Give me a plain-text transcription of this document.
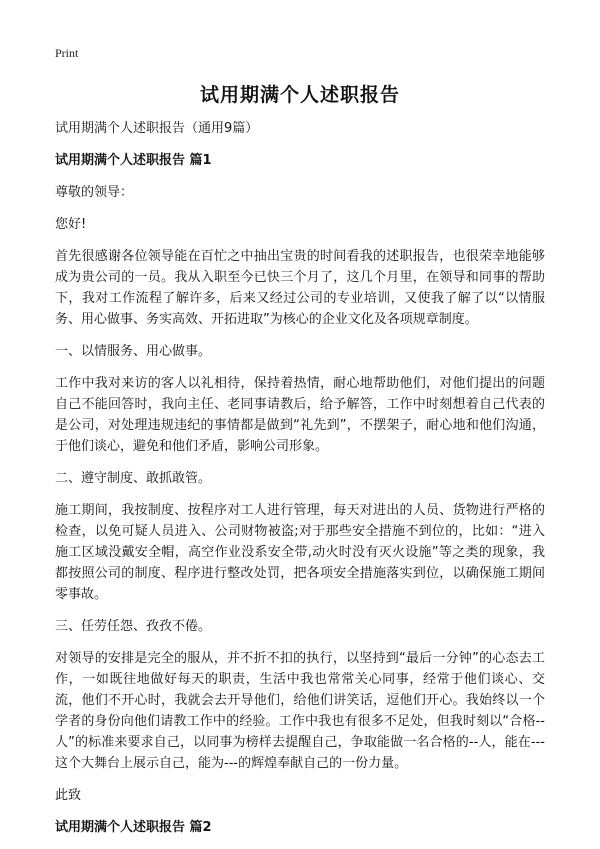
Print
试用期满个人述职报告

试用期满个人述职报告（通用9篇）

试用期满个人述职报告 篇1

尊敬的领导：

您好!

首先很感谢各位领导能在百忙之中抽出宝贵的时间看我的述职报告，也很荣幸地能够成为贵公司的一员。我从入职至今已快三个月了，这几个月里，在领导和同事的帮助下，我对工作流程了解许多，后来又经过公司的专业培训，又使我了解了以“以情服务、用心做事、务实高效、开拓进取”为核心的企业文化及各项规章制度。

一、以情服务、用心做事。

工作中我对来访的客人以礼相待，保持着热情，耐心地帮助他们，对他们提出的问题自己不能回答时，我向主任、老同事请教后，给予解答，工作中时刻想着自己代表的是公司，对处理违规违纪的事情都是做到“礼先到”，不摆架子，耐心地和他们沟通，于他们谈心，避免和他们矛盾，影响公司形象。

二、遵守制度、敢抓敢管。

施工期间，我按制度、按程序对工人进行管理，每天对进出的人员、货物进行严格的检查，以免可疑人员进入、公司财物被盗;对于那些安全措施不到位的，比如：“进入施工区域没戴安全帽，高空作业没系安全带,动火时没有灭火设施”等之类的现象，我都按照公司的制度、程序进行整改处罚，把各项安全措施落实到位，以确保施工期间零事故。

三、任劳任怨、孜孜不倦。

对领导的安排是完全的服从，并不折不扣的执行，以坚持到“最后一分钟”的心态去工作，一如既往地做好每天的职责，生活中我也常常关心同事，经常于他们谈心、交流，他们不开心时，我就会去开导他们，给他们讲笑话，逗他们开心。我始终以一个学者的身份向他们请教工作中的经验。工作中我也有很多不足处，但我时刻以“合格--人”的标准来要求自己，以同事为榜样去提醒自己，争取能做一名合格的--人，能在---这个大舞台上展示自己，能为---的辉煌奉献自己的一份力量。

此致

试用期满个人述职报告 篇2
